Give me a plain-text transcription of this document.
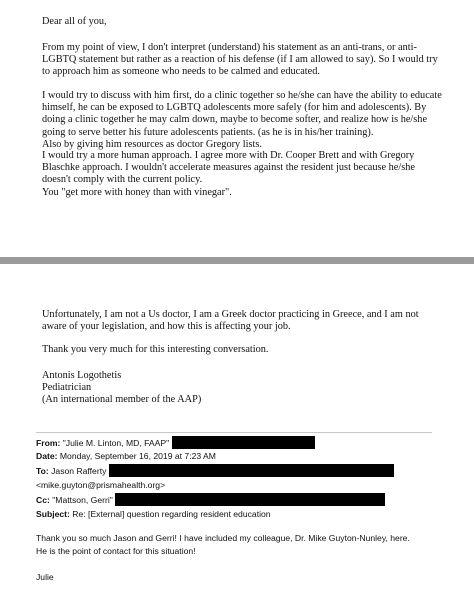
Dear all of you,

From my point of view, I don't interpret (understand) his statement as an anti-trans, or anti-LGBTQ statement but rather as a reaction of his defense (if I am allowed to say). So I would try to approach him as someone who needs to be calmed and educated.

I would try to discuss with him first, do a clinic together so he/she can have the ability to educate himself, he can be exposed to LGBTQ adolescents more safely (for him and adolescents). By doing a clinic together he may calm down, maybe to become softer, and realize how is he/she going to serve better his future adolescents patients. (as he is in his/her training).

Also by giving him resources as doctor Gregory lists.

I would try a more human approach. I agree more with Dr. Cooper Brett and with Gregory Blaschke approach. I wouldn't accelerate measures against the resident just because he/she doesn't comply with the current policy.

You "get more with honey than with vinegar".

Unfortunately, I am not a Us doctor, I am a Greek doctor practicing in Greece, and I am not aware of your legislation, and how this is affecting your job.

Thank you very much for this interesting conversation.

Antonis Logothetis

Pediatrician

(An international member of the AAP)

From: "Julie M. Linton, MD, FAAP"
Date: Monday, September 16, 2019 at 7:23 AM
To: Jason Rafferty
<mike.guyton@prismahealth.org>
Cc: "Mattson, Gerri"
Subject: Re: [External] question regarding resident education
Thank you so much Jason and Gerri! I have included my colleague, Dr. Mike Guyton-Nunley, here.
He is the point of contact for this situation!
Julie
